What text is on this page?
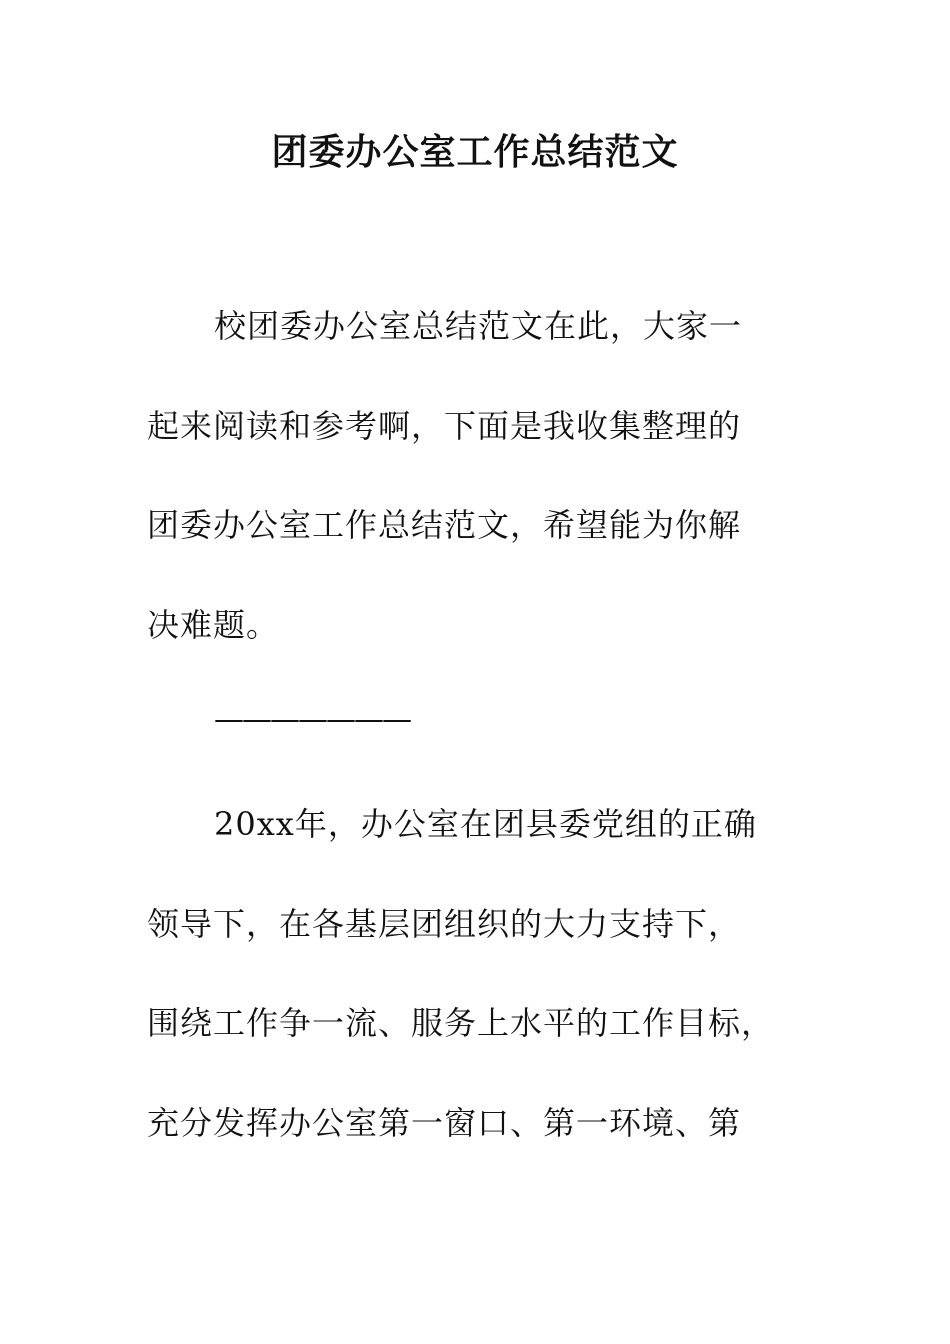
团委办公室工作总结范文
校团委办公室总结范文在此，大家一
起来阅读和参考啊，下面是我收集整理的
团委办公室工作总结范文，希望能为你解
决难题。
———————
20xx年，办公室在团县委党组的正确
领导下，在各基层团组织的大力支持下，
围绕工作争一流、服务上水平的工作目标，
充分发挥办公室第一窗口、第一环境、第
